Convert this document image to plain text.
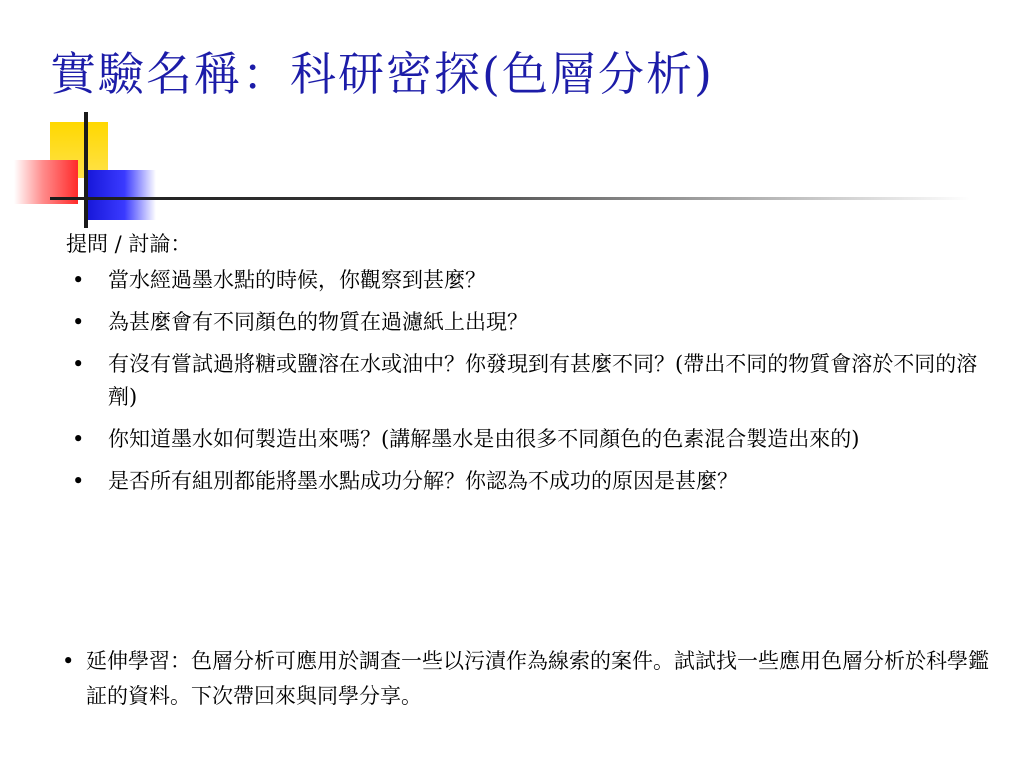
實驗名稱：科研密探(色層分析)
提問 / 討論：
• 當水經過墨水點的時候，你觀察到甚麼？
• 為甚麼會有不同顏色的物質在過濾紙上出現？
• 有沒有嘗試過將糖或鹽溶在水或油中？你發現到有甚麼不同？(帶出不同的物質會溶於不同的溶劑)
• 你知道墨水如何製造出來嗎？(講解墨水是由很多不同顏色的色素混合製造出來的)
• 是否所有組別都能將墨水點成功分解？你認為不成功的原因是甚麼？
• 延伸學習：色層分析可應用於調查一些以污漬作為線索的案件。試試找一些應用色層分析於科學鑑証的資料。下次帶回來與同學分享。
